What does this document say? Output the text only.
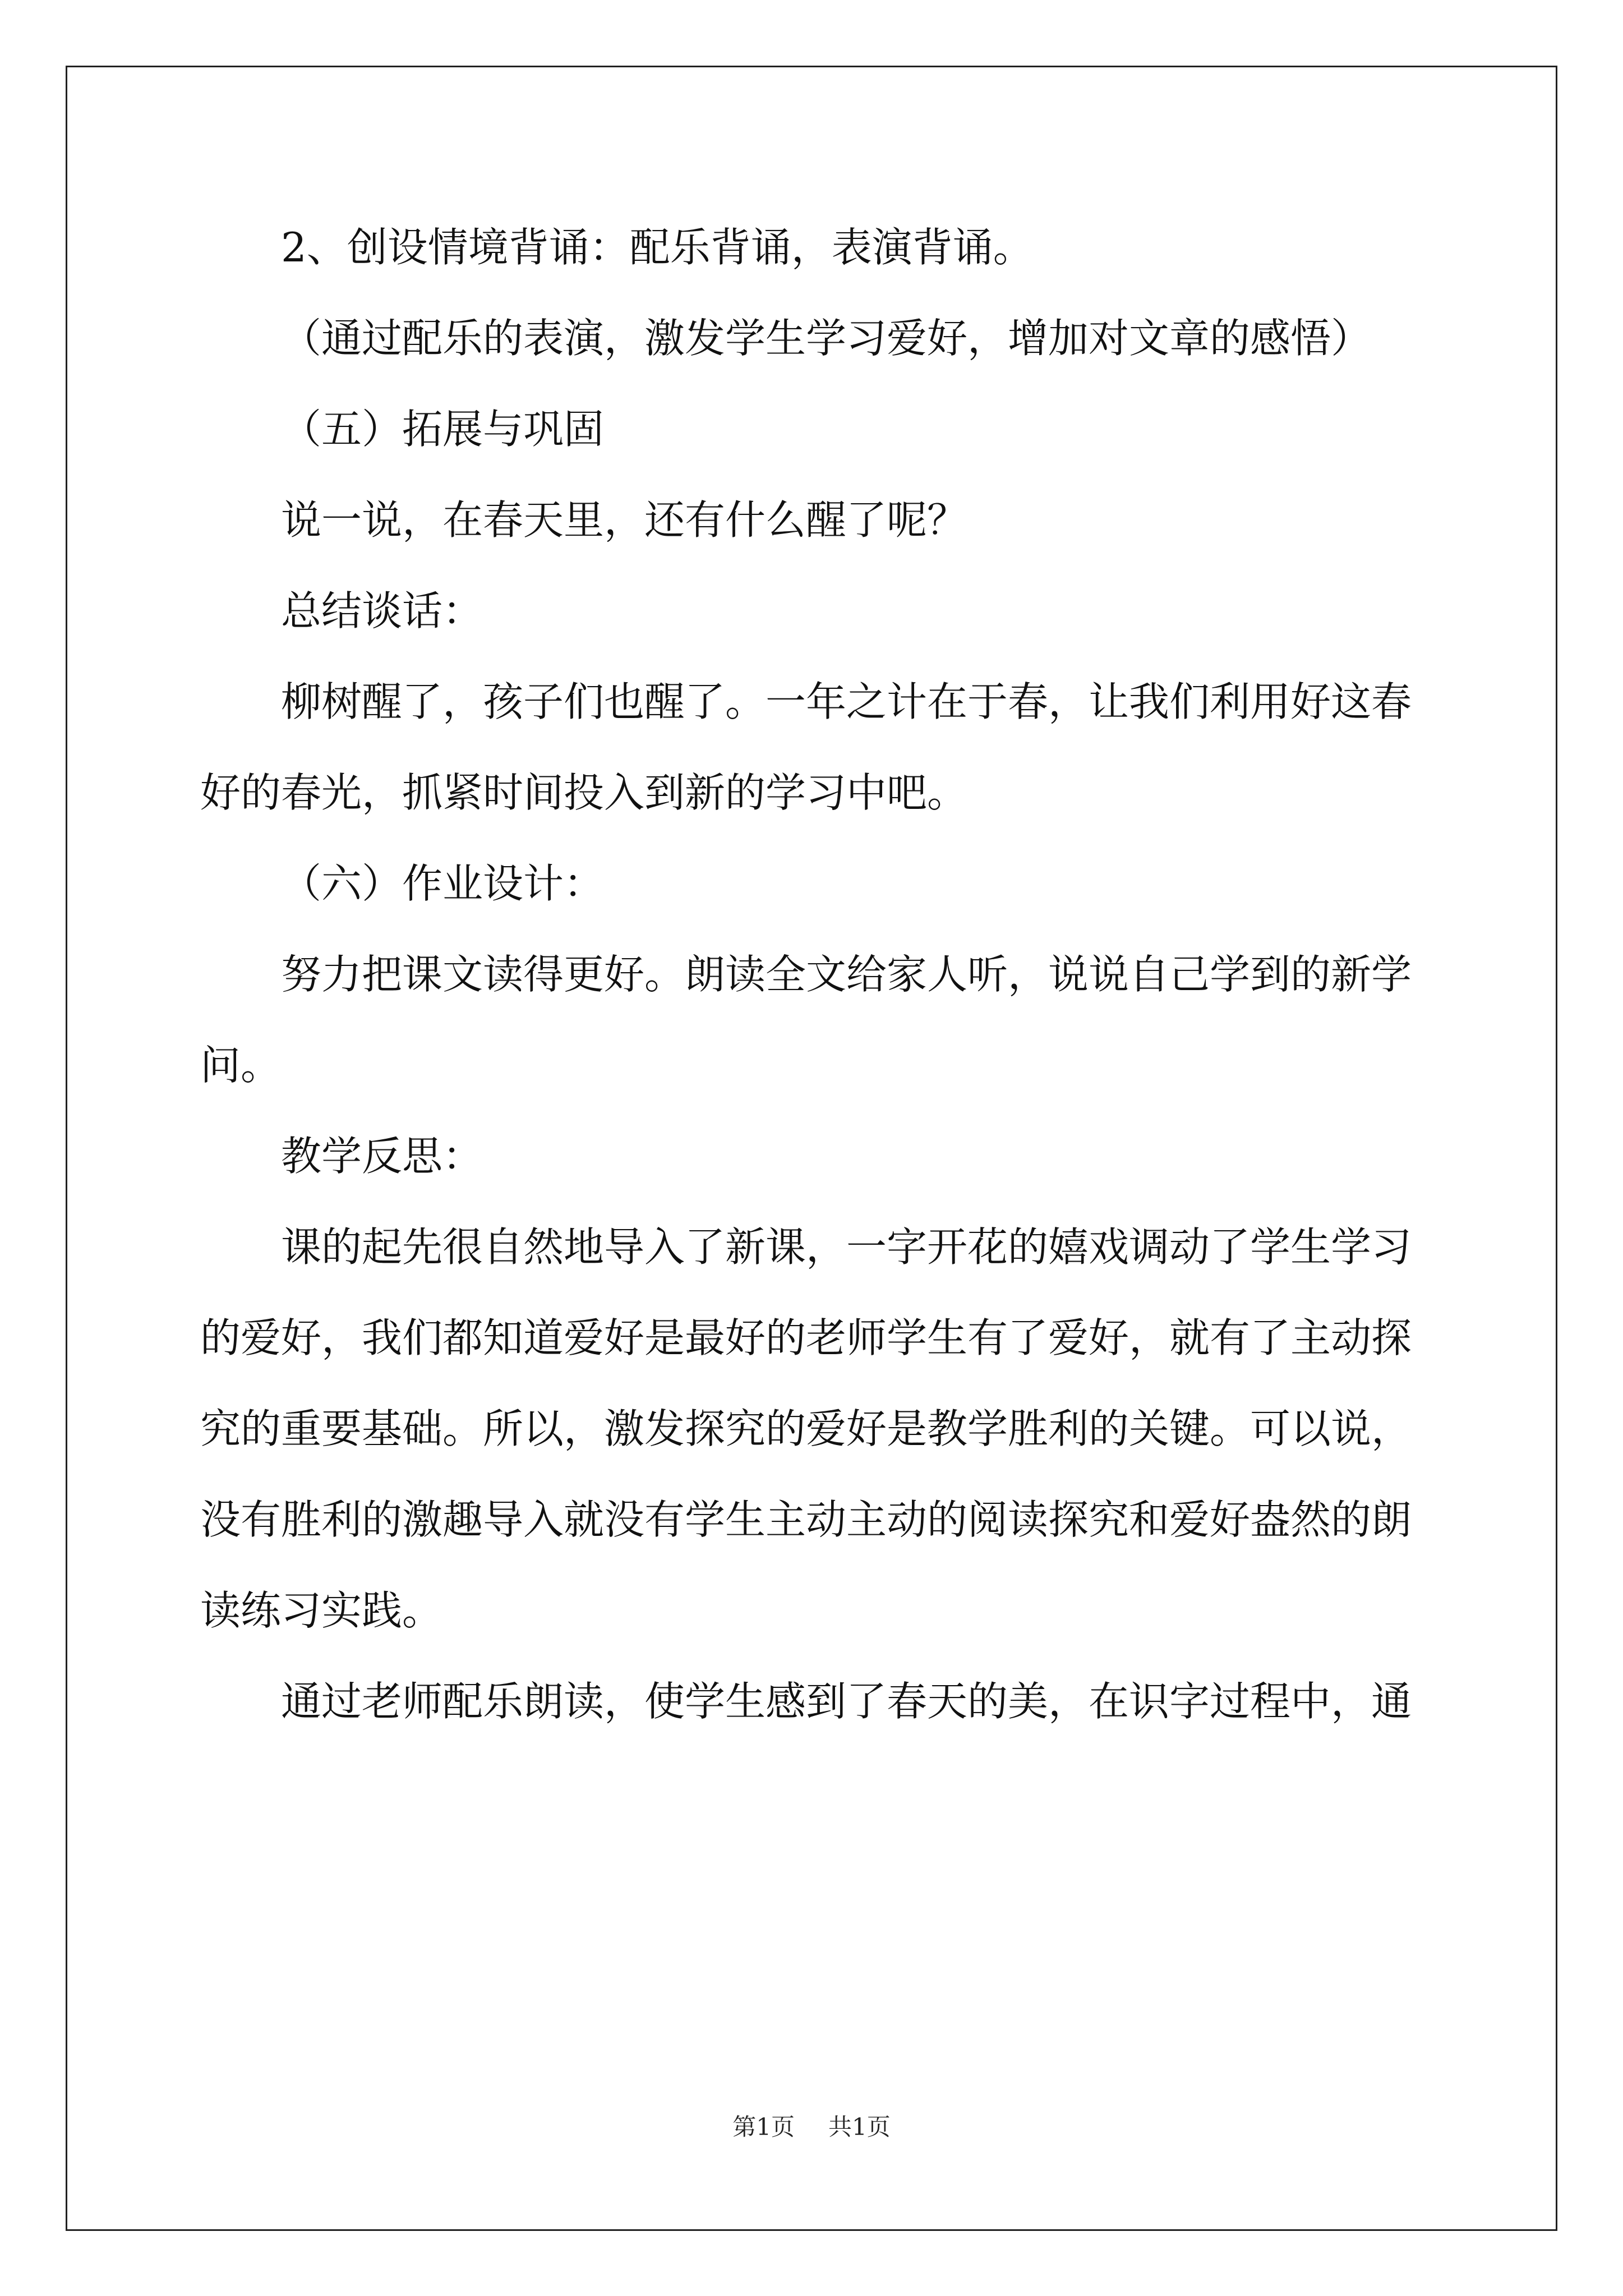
2、创设情境背诵：配乐背诵，表演背诵。

（通过配乐的表演，激发学生学习爱好，增加对文章的感悟）

（五）拓展与巩固

说一说，在春天里，还有什么醒了呢？

总结谈话：

柳树醒了，孩子们也醒了。一年之计在于春，让我们利用好这春好的春光，抓紧时间投入到新的学习中吧。

（六）作业设计：

努力把课文读得更好。朗读全文给家人听，说说自己学到的新学问。

教学反思：

课的起先很自然地导入了新课，一字开花的嬉戏调动了学生学习的爱好，我们都知道爱好是最好的老师学生有了爱好，就有了主动探究的重要基础。所以，激发探究的爱好是教学胜利的关键。可以说，没有胜利的激趣导入就没有学生主动主动的阅读探究和爱好盎然的朗读练习实践。

通过老师配乐朗读，使学生感到了春天的美，在识字过程中，通

第1页 共1页
